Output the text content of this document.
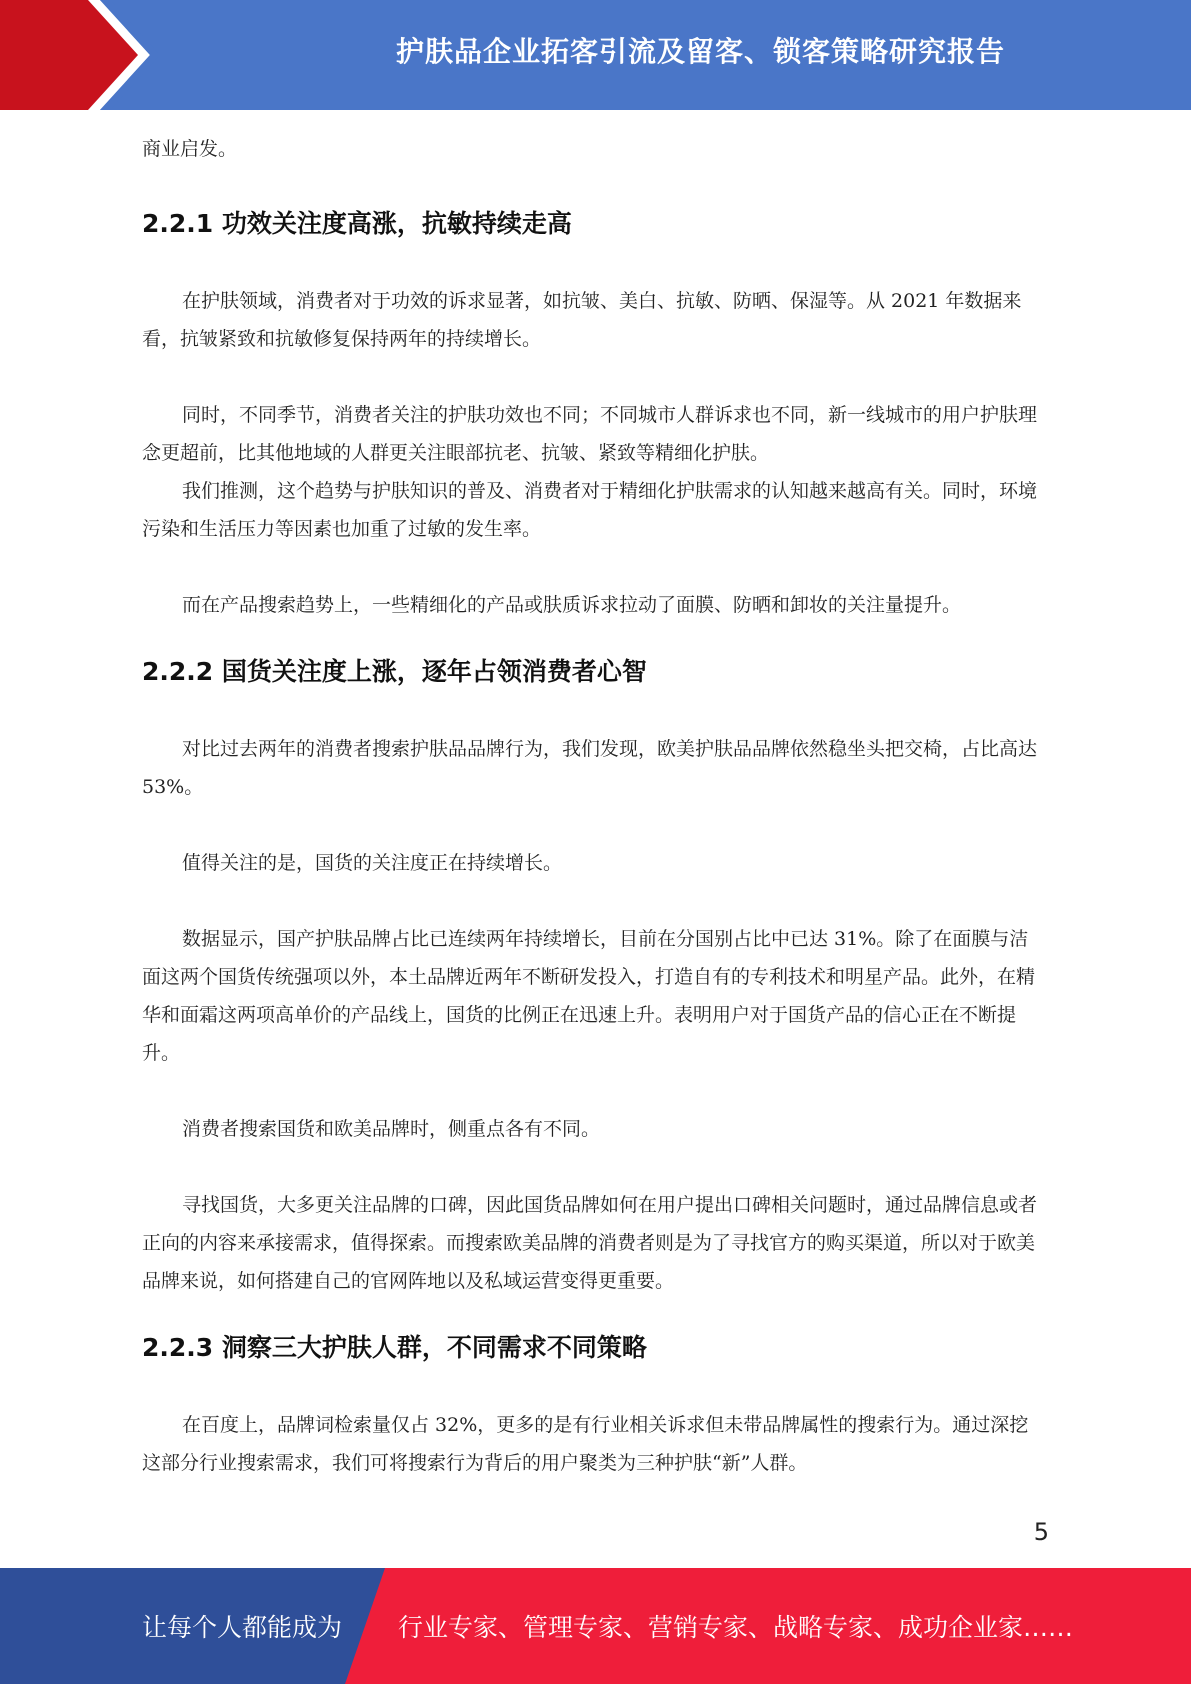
护肤品企业拓客引流及留客、锁客策略研究报告

商业启发。

2.2.1 功效关注度高涨，抗敏持续走高

在护肤领域，消费者对于功效的诉求显著，如抗皱、美白、抗敏、防晒、保湿等。从 2021 年数据来看，抗皱紧致和抗敏修复保持两年的持续增长。

同时，不同季节，消费者关注的护肤功效也不同；不同城市人群诉求也不同，新一线城市的用户护肤理念更超前，比其他地域的人群更关注眼部抗老、抗皱、紧致等精细化护肤。

我们推测，这个趋势与护肤知识的普及、消费者对于精细化护肤需求的认知越来越高有关。同时，环境污染和生活压力等因素也加重了过敏的发生率。

而在产品搜索趋势上，一些精细化的产品或肤质诉求拉动了面膜、防晒和卸妆的关注量提升。

2.2.2 国货关注度上涨，逐年占领消费者心智

对比过去两年的消费者搜索护肤品品牌行为，我们发现，欧美护肤品品牌依然稳坐头把交椅，占比高达 53%。

值得关注的是，国货的关注度正在持续增长。

数据显示，国产护肤品牌占比已连续两年持续增长，目前在分国别占比中已达 31%。除了在面膜与洁面这两个国货传统强项以外，本土品牌近两年不断研发投入，打造自有的专利技术和明星产品。此外，在精华和面霜这两项高单价的产品线上，国货的比例正在迅速上升。表明用户对于国货产品的信心正在不断提升。

消费者搜索国货和欧美品牌时，侧重点各有不同。

寻找国货，大多更关注品牌的口碑，因此国货品牌如何在用户提出口碑相关问题时，通过品牌信息或者正向的内容来承接需求，值得探索。而搜索欧美品牌的消费者则是为了寻找官方的购买渠道，所以对于欧美品牌来说，如何搭建自己的官网阵地以及私域运营变得更重要。

2.2.3 洞察三大护肤人群，不同需求不同策略

在百度上，品牌词检索量仅占 32%，更多的是有行业相关诉求但未带品牌属性的搜索行为。通过深挖这部分行业搜索需求，我们可将搜索行为背后的用户聚类为三种护肤“新”人群。

5
让每个人都能成为 行业专家、管理专家、营销专家、战略专家、成功企业家……
